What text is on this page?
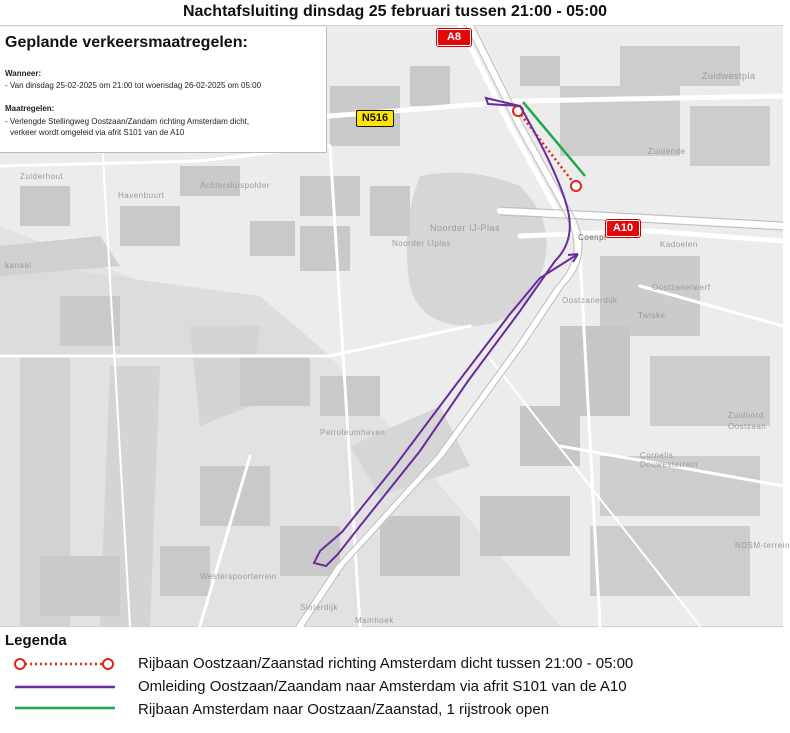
Nachtafsluiting dinsdag 25 februari tussen 21:00 - 05:00
Zuidwestpla
Zuiderhout
Havenbuurt
Achtersluispolder
Noorder IJ-Plas
Noorder IJplas
Zuidende
Coenpl
kanaal
Oostzanerdijk
Oostzanerwerf
Kadoelen
Twiske
Zuidoord
Oostzaan
Cornelis Douwesterrein
NDSM-terrein
Petroleumhaven
Westerspoorterrein
Sloterdijk
Mainhoek
A8
N516
A10
Geplande verkeersmaatregelen:
Wanneer:
- Van dinsdag 25-02-2025 om 21:00 tot woensdag 26-02-2025 om 05:00
Maatregelen:
- Verlengde Stellingweg Oostzaan/Zandam richting Amsterdam dicht,
verkeer wordt omgeleid via afrit S101 van de A10
Legenda
Rijbaan Oostzaan/Zaanstad richting Amsterdam dicht tussen 21:00 - 05:00
Omleiding Oostzaan/Zaandam naar Amsterdam via afrit S101 van de A10
Rijbaan Amsterdam naar Oostzaan/Zaanstad, 1 rijstrook open
